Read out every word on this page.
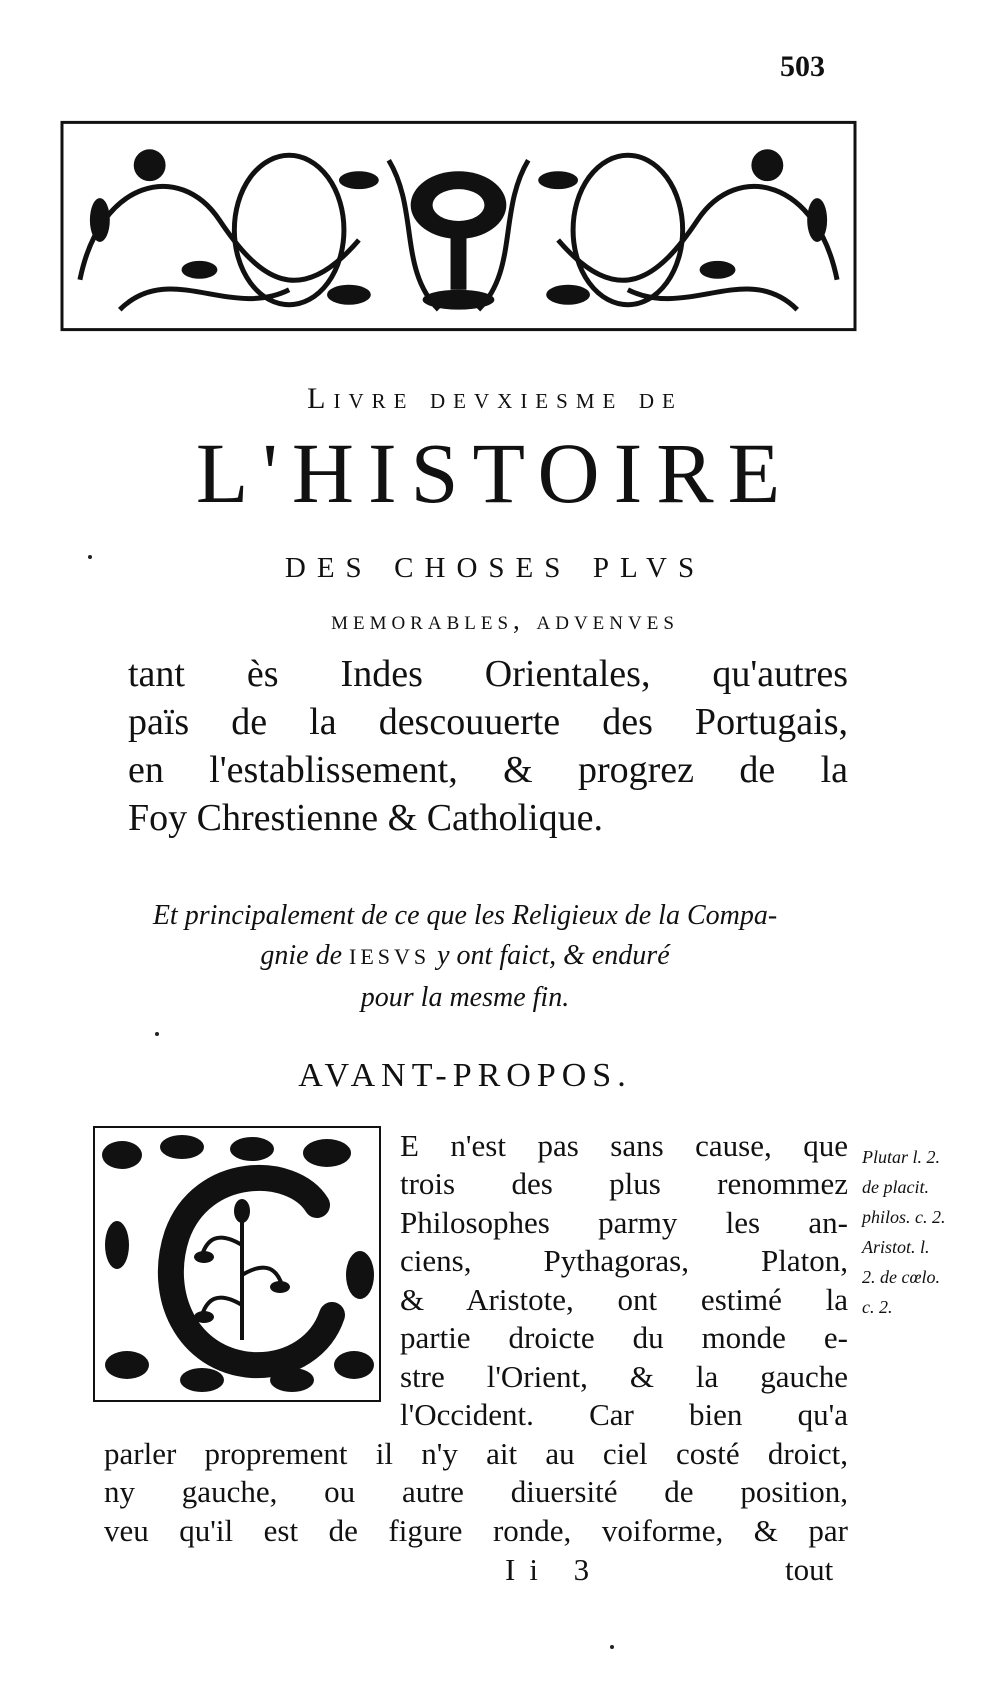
503
Livre devxiesme de
L'HISTOIRE
des choses plvs
memorables, advenves
tant ès Indes Orientales, qu'autres
païs de la descouuerte des Portugais,
en l'establissement, & progrez de la
Foy Chrestienne & Catholique.
Et principalement de ce que les Religieux de la Compa-
gnie de IESVS y ont faict, & enduré
pour la mesme fin.
AVANT-PROPOS.
E n'est pas sans cause, que
trois des plus renommez
Philosophes parmy les an-
ciens, Pythagoras, Platon,
& Aristote, ont estimé la
partie droicte du monde e-
stre l'Orient, & la gauche
l'Occident. Car bien qu'a
parler proprement il n'y ait au ciel costé droict,
ny gauche, ou autre diuersité de position,
veu qu'il est de figure ronde, voiforme, & par
Plutar l. 2.
de placit.
philos. c. 2.
Aristot. l.
2. de cœlo.
c. 2.
Ii 3	tout
